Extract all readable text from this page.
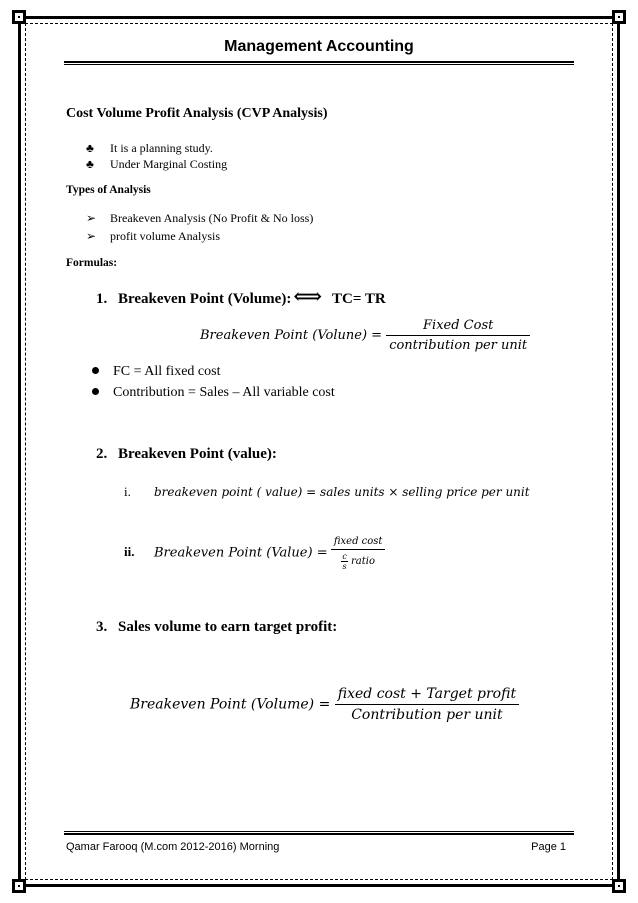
Management Accounting
Cost Volume Profit Analysis (CVP Analysis)
♣ It is a planning study.
♣ Under Marginal Costing
Types of Analysis
➢ Breakeven Analysis (No Profit & No loss)
➢ profit volume Analysis
Formulas:
1. Breakeven Point (Volume): ⟺ TC= TR
Breakeven Point (Volune) = $\frac{\text{Fixed Cost}}{\text{contribution per unit}}$
FC = All fixed cost
Contribution = Sales – All variable cost
2. Breakeven Point (value):
i. breakeven point ( value) = sales units × selling price per unit
ii. Breakeven Point (Value) = $\frac{\text{fixed cost}}{\frac{c}{s} ratio}$
3. Sales volume to earn target profit:
Breakeven Point (Volume) = $\frac{\text{fixed cost + Target profit}}{\text{Contribution per unit}}$
Qamar Farooq (M.com 2012-2016) Morning	Page 1
